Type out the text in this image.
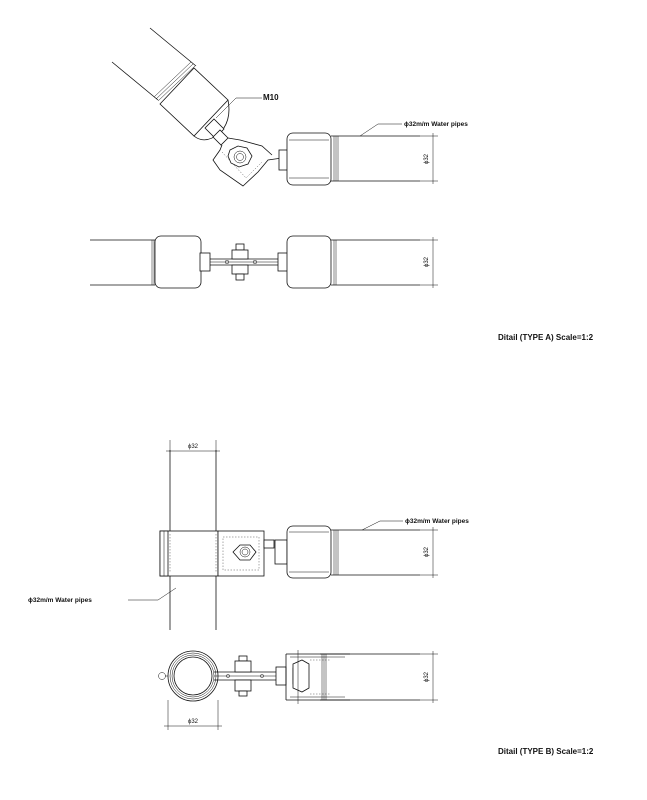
ϕ32
M10
ϕ32m/m Water pipes
ϕ32
Ditail (TYPE A) Scale=1:2
ϕ32
ϕ32
ϕ32m/m Water pipes
ϕ32m/m Water pipes
ϕ32
ϕ32
Ditail (TYPE B) Scale=1:2
